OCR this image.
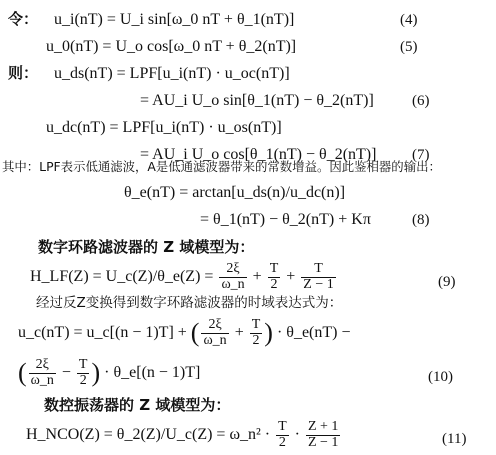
令： u_i(nT) = U_i sin[ω_0 nT + θ_1(nT)]	(4)
u_0(nT) = U_o cos[ω_0 nT + θ_2(nT)]	(5)
则： u_ds(nT) = LPF[u_i(nT) · u_oc(nT)]
= AU_i U_o sin[θ_1(nT) − θ_2(nT)]	(6)
u_dc(nT) = LPF[u_i(nT) · u_os(nT)]
= AU_i U_o cos[θ_1(nT) − θ_2(nT)] (7)
其中：LPF表示低通滤波，A是低通滤波器带来的常数增益。因此鉴相器的输出：
θ_e(nT) = arctan[u_ds(n)/u_dc(n)]
= θ_1(nT) − θ_2(nT) + Kπ	(8)
数字环路滤波器的 Z 域模型为：
H_LF(Z) = U_c(Z)/θ_e(Z) = $\frac{2\xi}{\omega\_n} + \frac{T}{2} + \frac{T}{Z - 1}$	(9)
经过反Z变换得到数字环路滤波器的时域表达式为：
u_c(nT) = u_c[(n − 1)T] + ( $\frac{2\xi}{\omega\_n} + \frac{T}{2}$ ) · θ_e(nT) −
( $\frac{2\xi}{\omega\_n} - \frac{T}{2}$ ) · θ_e[(n − 1)T]	(10)
数控振荡器的 Z 域模型为：
H_NCO(Z) = θ_2(Z)/U_c(Z) = ω_n² · $\frac{T}{2} \cdot \frac{Z + 1}{Z - 1}$	(11)
